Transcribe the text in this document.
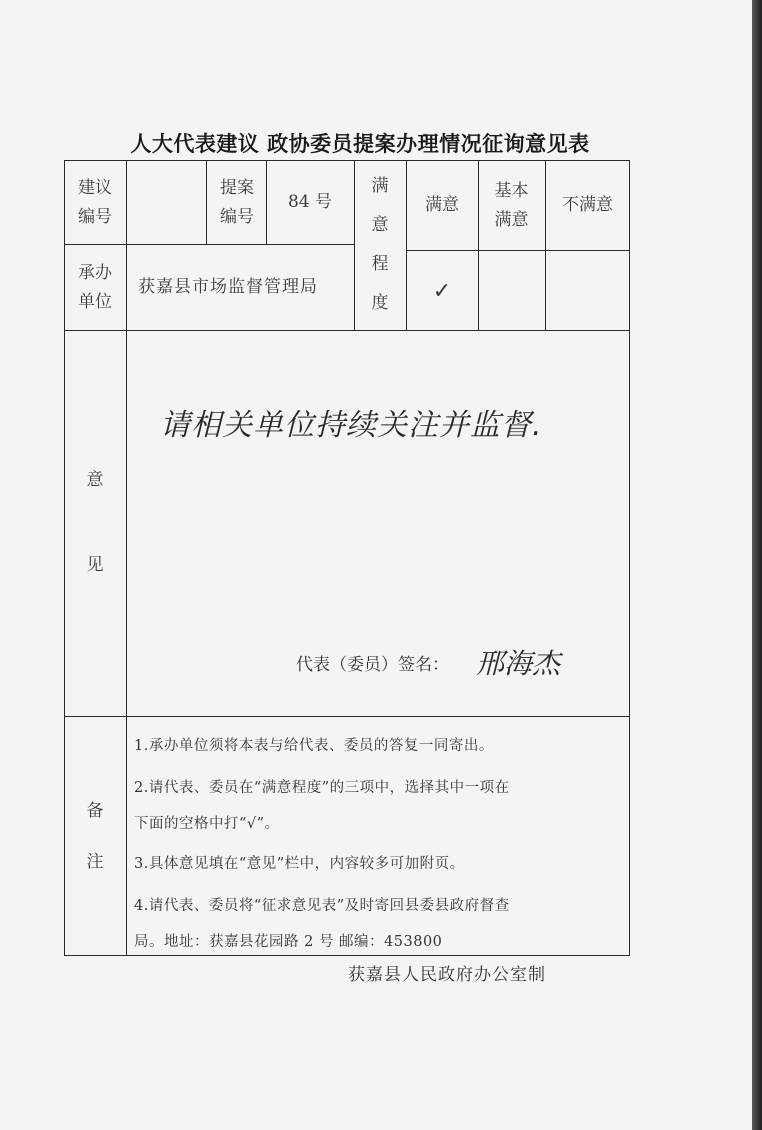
人大代表建议 政协委员提案办理情况征询意见表
建议编号
提案编号
84 号
满意程度
满意
基本满意
不满意
承办单位
获嘉县市场监督管理局	✓
意见
请相关单位持续关注并监督.
代表（委员）签名： 邢海杰
备注
1.承办单位须将本表与给代表、委员的答复一同寄出。
2.请代表、委员在“满意程度”的三项中，选择其中一项在
下面的空格中打“√”。
3.具体意见填在“意见”栏中，内容较多可加附页。
4.请代表、委员将“征求意见表”及时寄回县委县政府督查
局。地址：获嘉县花园路 2 号 邮编：453800
获嘉县人民政府办公室制
